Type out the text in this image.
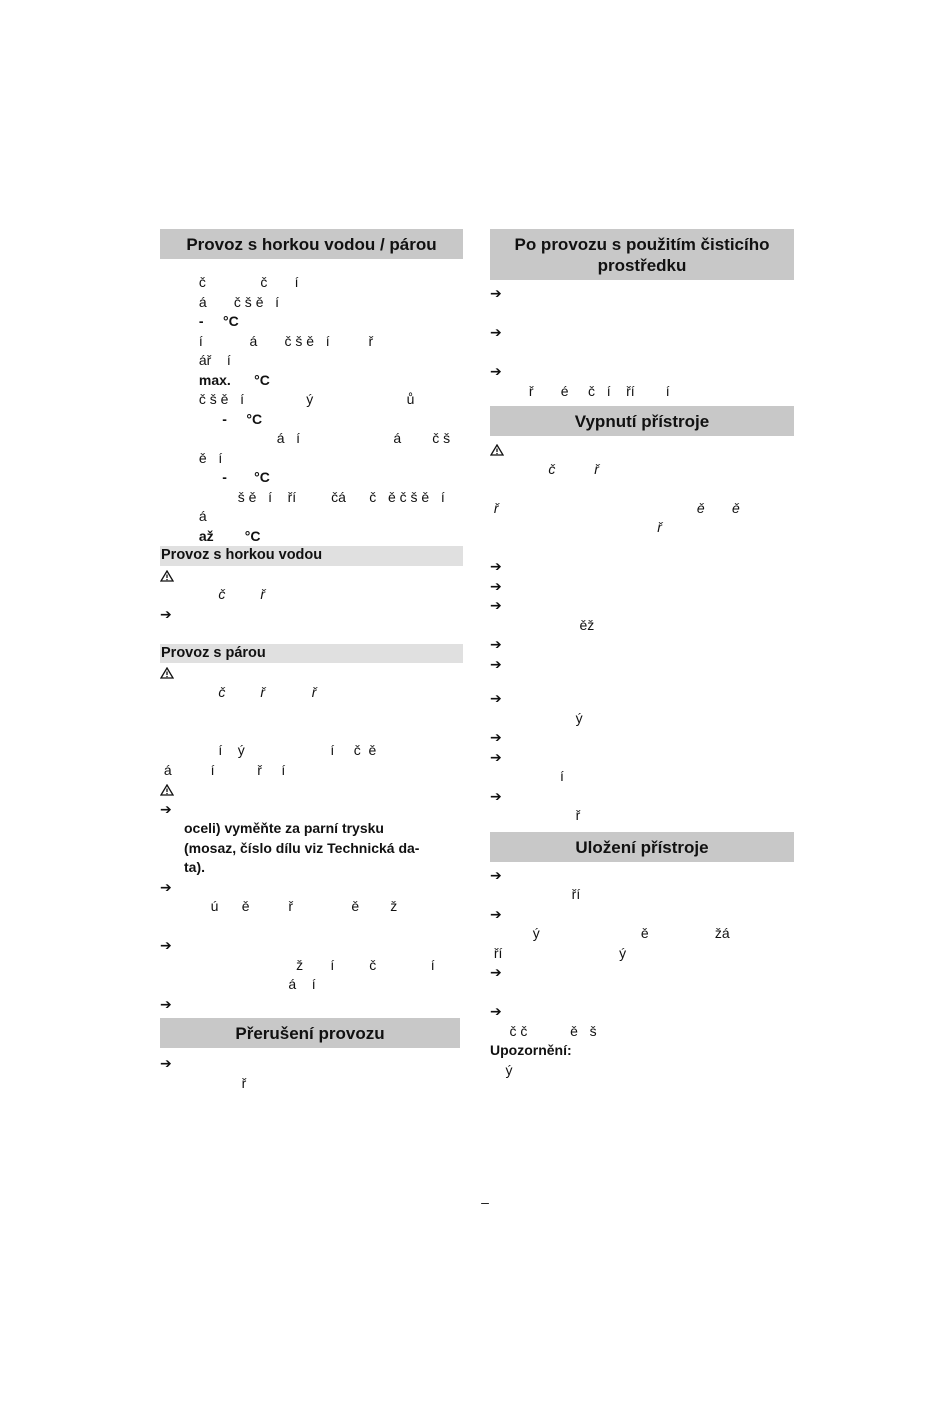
Provoz s horkou vodou / párou
č              č       í
á       č š ě   í
-     °C
í            á       č š ě   í          ř
ář    í
max.      °C
č š ě   í                ý                        ů
-     °C
á   í                        á        č š
ě   í
-       °C
š ě   í    ří         čá      č   ě č š ě   í
á
až        °C
Provoz s horkou vodou

č         ř

➔

Provoz s párou

č         ř            ř
í    ý                      í     č  ě
á          í           ř     í

➔

oceli) vyměňte za parní trysku
(mosaz, číslo dílu viz Technická da-
ta).

➔

ú      ě          ř               ě        ž

➔

ž       í         č              í
á    í

➔

Přerušení provozu

➔

ř
Po provozu s použitím čisticího prostředku

➔

➔

➔

ř       é     č   í    ří        í
Vypnutí přístroje

č          ř
ř                                                   ě       ě
ř

➔

➔

➔

ěž

➔

➔

➔

ý

➔

➔

í

➔

ř
Uložení přístroje

➔

ří

➔

ý                          ě                 žá
ří                              ý

➔

➔

č č           ě   š
Upozornění:
ý
–
